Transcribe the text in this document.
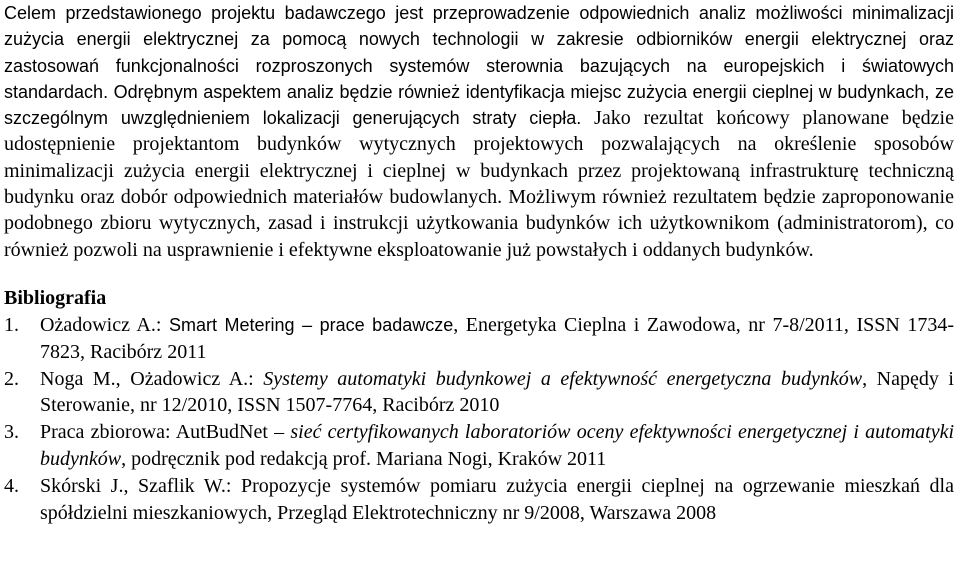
Celem przedstawionego projektu badawczego jest przeprowadzenie odpowiednich analiz możliwości minimalizacji zużycia energii elektrycznej za pomocą nowych technologii w zakresie odbiorników energii elektrycznej oraz zastosowań funkcjonalności rozproszonych systemów sterownia bazujących na europejskich i światowych standardach. Odrębnym aspektem analiz będzie również identyfikacja miejsc zużycia energii cieplnej w budynkach, ze szczególnym uwzględnieniem lokalizacji generujących straty ciepła. Jako rezultat końcowy planowane będzie udostępnienie projektantom budynków wytycznych projektowych pozwalających na określenie sposobów minimalizacji zużycia energii elektrycznej i cieplnej w budynkach przez projektowaną infrastrukturę techniczną budynku oraz dobór odpowiednich materiałów budowlanych. Możliwym również rezultatem będzie zaproponowanie podobnego zbioru wytycznych, zasad i instrukcji użytkowania budynków ich użytkownikom (administratorom), co również pozwoli na usprawnienie i efektywne eksploatowanie już powstałych i oddanych budynków.

Bibliografia
1. Ożadowicz A.: Smart Metering – prace badawcze, Energetyka Cieplna i Zawodowa, nr 7-8/2011, ISSN 1734-7823, Racibórz 2011
2. Noga M., Ożadowicz A.: Systemy automatyki budynkowej a efektywność energetyczna budynków, Napędy i Sterowanie, nr 12/2010, ISSN 1507-7764, Racibórz 2010
3. Praca zbiorowa: AutBudNet – sieć certyfikowanych laboratoriów oceny efektywności energetycznej i automatyki budynków, podręcznik pod redakcją prof. Mariana Nogi, Kraków 2011
4. Skórski J., Szaflik W.: Propozycje systemów pomiaru zużycia energii cieplnej na ogrzewanie mieszkań dla spółdzielni mieszkaniowych, Przegląd Elektrotechniczny nr 9/2008, Warszawa 2008
